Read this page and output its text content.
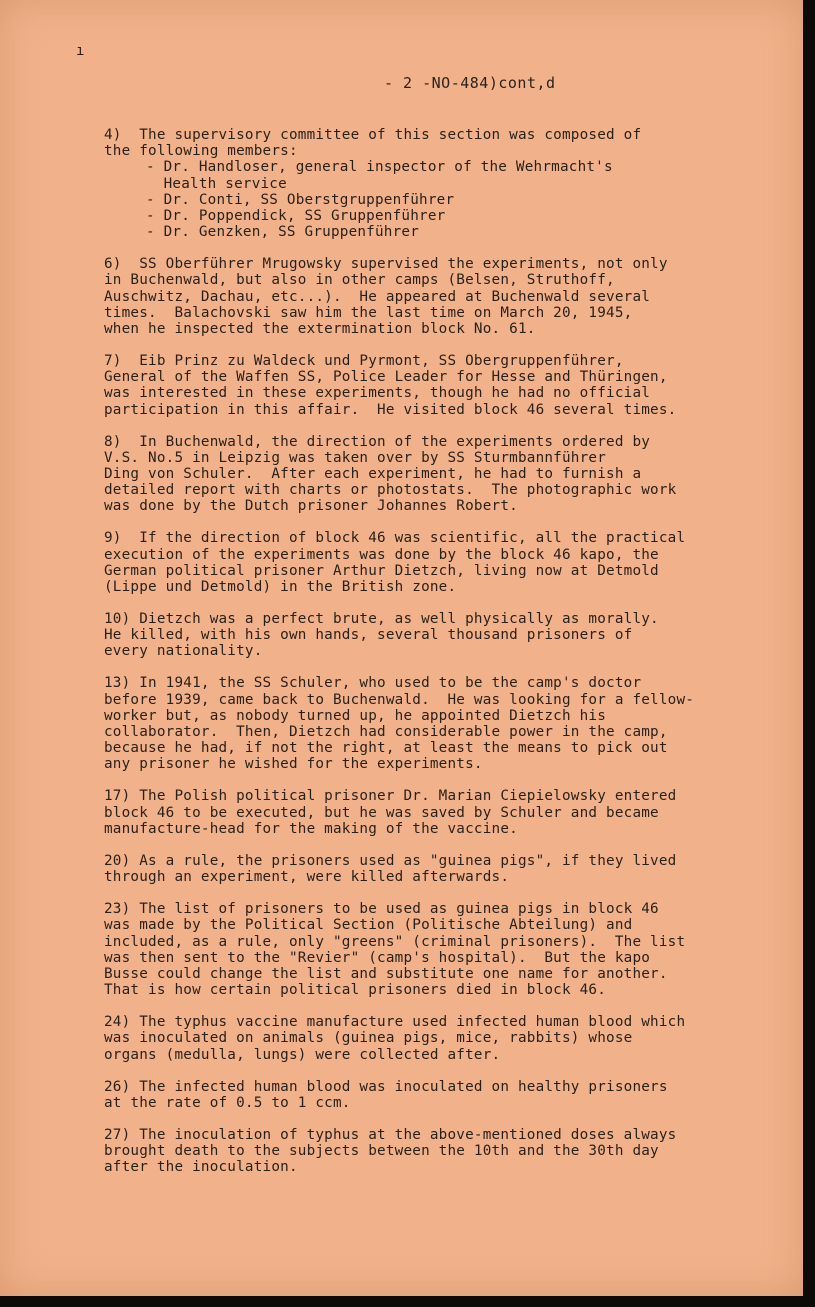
ı
- 2 -NO-484)cont,d
4)  The supervisory committee of this section was composed of
the following members:
- Dr. Handloser, general inspector of the Wehrmacht's
Health service
- Dr. Conti, SS Oberstgruppenführer
- Dr. Poppendick, SS Gruppenführer
- Dr. Genzken, SS Gruppenführer
6)  SS Oberführer Mrugowsky supervised the experiments, not only
in Buchenwald, but also in other camps (Belsen, Struthoff,
Auschwitz, Dachau, etc...).  He appeared at Buchenwald several
times.  Balachovski saw him the last time on March 20, 1945,
when he inspected the extermination block No. 61.
7)  Eib Prinz zu Waldeck und Pyrmont, SS Obergruppenführer,
General of the Waffen SS, Police Leader for Hesse and Thüringen,
was interested in these experiments, though he had no official
participation in this affair.  He visited block 46 several times.
8)  In Buchenwald, the direction of the experiments ordered by
V.S. No.5 in Leipzig was taken over by SS Sturmbannführer
Ding von Schuler.  After each experiment, he had to furnish a
detailed report with charts or photostats.  The photographic work
was done by the Dutch prisoner Johannes Robert.
9)  If the direction of block 46 was scientific, all the practical
execution of the experiments was done by the block 46 kapo, the
German political prisoner Arthur Dietzch, living now at Detmold
(Lippe und Detmold) in the British zone.
10) Dietzch was a perfect brute, as well physically as morally.
He killed, with his own hands, several thousand prisoners of
every nationality.
13) In 1941, the SS Schuler, who used to be the camp's doctor
before 1939, came back to Buchenwald.  He was looking for a fellow-
worker but, as nobody turned up, he appointed Dietzch his
collaborator.  Then, Dietzch had considerable power in the camp,
because he had, if not the right, at least the means to pick out
any prisoner he wished for the experiments.
17) The Polish political prisoner Dr. Marian Ciepielowsky entered
block 46 to be executed, but he was saved by Schuler and became
manufacture-head for the making of the vaccine.
20) As a rule, the prisoners used as "guinea pigs", if they lived
through an experiment, were killed afterwards.
23) The list of prisoners to be used as guinea pigs in block 46
was made by the Political Section (Politische Abteilung) and
included, as a rule, only "greens" (criminal prisoners).  The list
was then sent to the "Revier" (camp's hospital).  But the kapo
Busse could change the list and substitute one name for another.
That is how certain political prisoners died in block 46.
24) The typhus vaccine manufacture used infected human blood which
was inoculated on animals (guinea pigs, mice, rabbits) whose
organs (medulla, lungs) were collected after.
26) The infected human blood was inoculated on healthy prisoners
at the rate of 0.5 to 1 ccm.
27) The inoculation of typhus at the above-mentioned doses always
brought death to the subjects between the 10th and the 30th day
after the inoculation.
